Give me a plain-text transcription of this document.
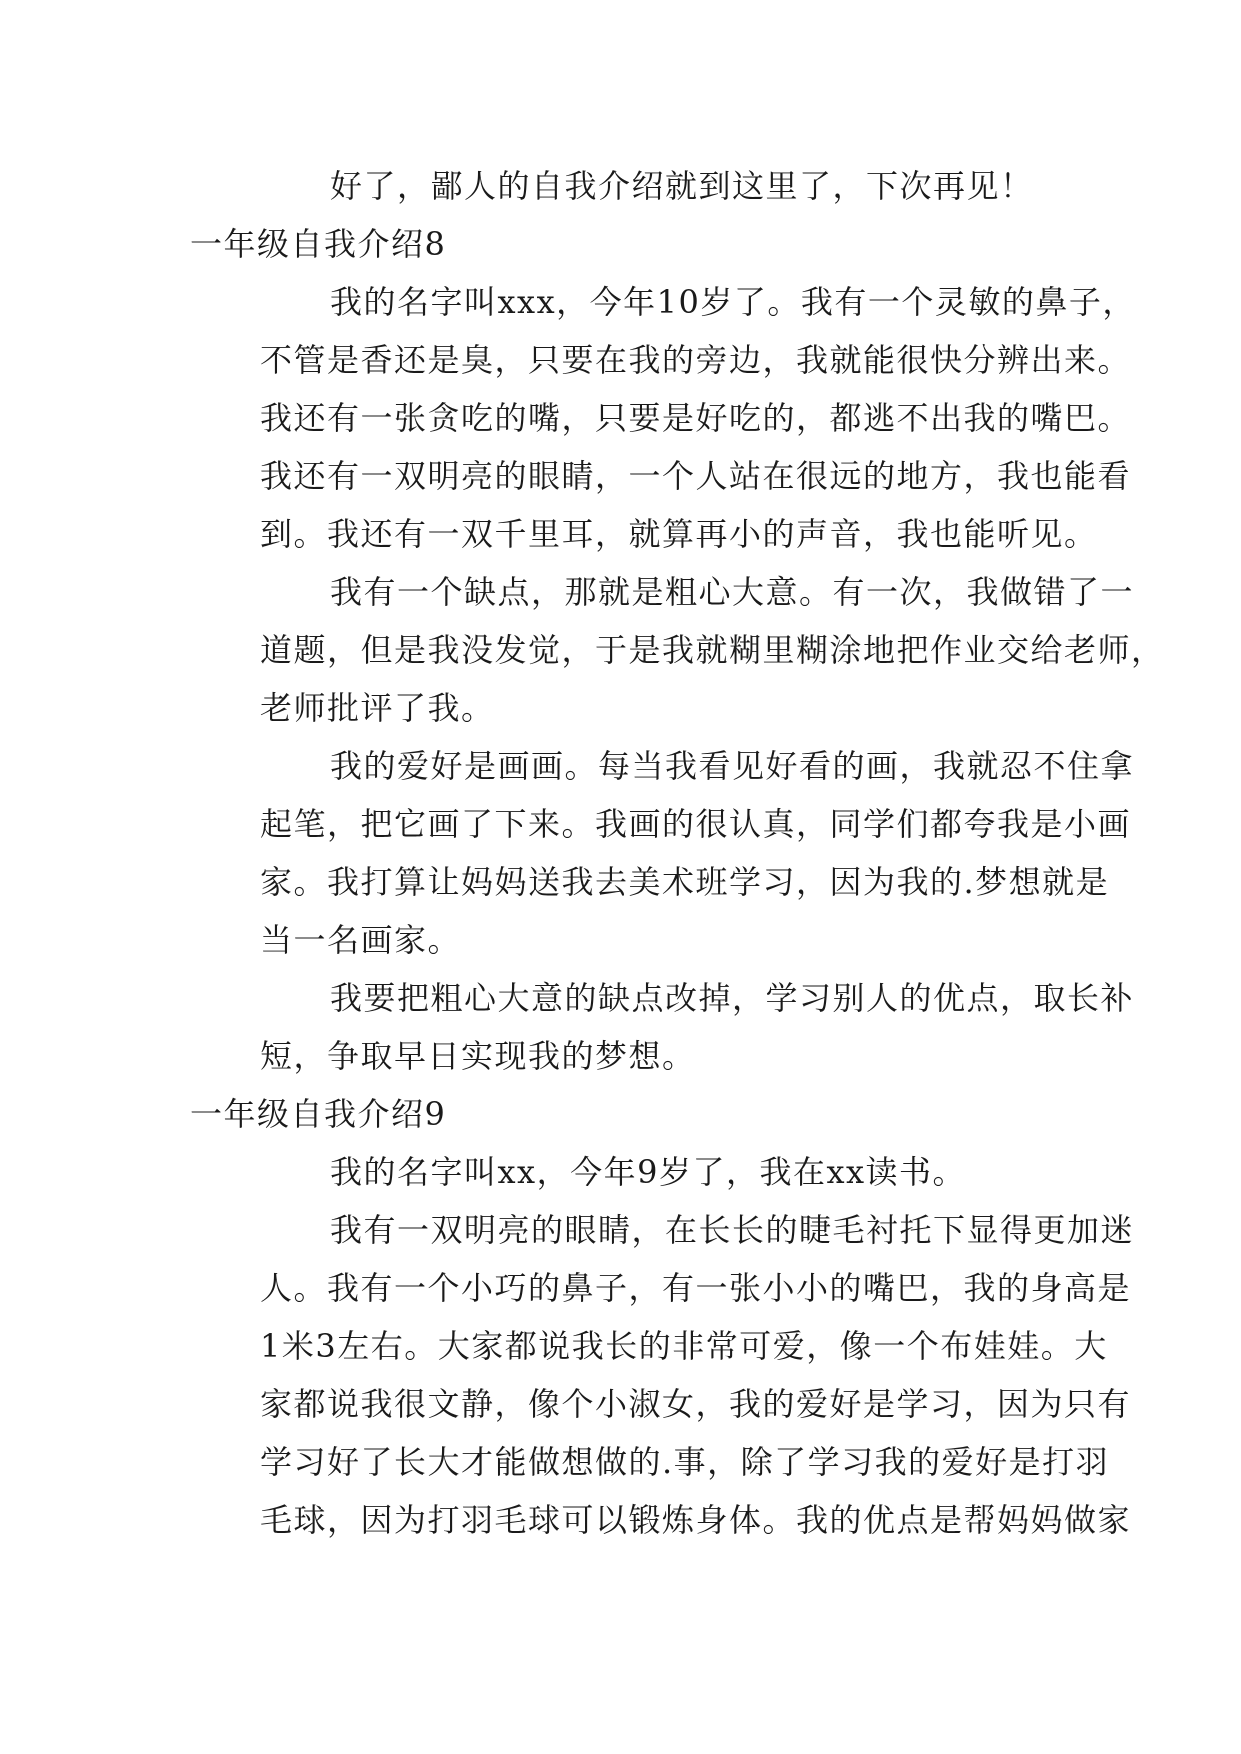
好了，鄙人的自我介绍就到这里了，下次再见！
一年级自我介绍8
我的名字叫xxx，今年10岁了。我有一个灵敏的鼻子，
不管是香还是臭，只要在我的旁边，我就能很快分辨出来。
我还有一张贪吃的嘴，只要是好吃的，都逃不出我的嘴巴。
我还有一双明亮的眼睛，一个人站在很远的地方，我也能看
到。我还有一双千里耳，就算再小的声音，我也能听见。
我有一个缺点，那就是粗心大意。有一次，我做错了一
道题，但是我没发觉，于是我就糊里糊涂地把作业交给老师，
老师批评了我。
我的爱好是画画。每当我看见好看的画，我就忍不住拿
起笔，把它画了下来。我画的很认真，同学们都夸我是小画
家。我打算让妈妈送我去美术班学习，因为我的.梦想就是
当一名画家。
我要把粗心大意的缺点改掉，学习别人的优点，取长补
短，争取早日实现我的梦想。
一年级自我介绍9
我的名字叫xx，今年9岁了，我在xx读书。
我有一双明亮的眼睛，在长长的睫毛衬托下显得更加迷
人。我有一个小巧的鼻子，有一张小小的嘴巴，我的身高是
1米3左右。大家都说我长的非常可爱，像一个布娃娃。大
家都说我很文静，像个小淑女，我的爱好是学习，因为只有
学习好了长大才能做想做的.事，除了学习我的爱好是打羽
毛球，因为打羽毛球可以锻炼身体。我的优点是帮妈妈做家
